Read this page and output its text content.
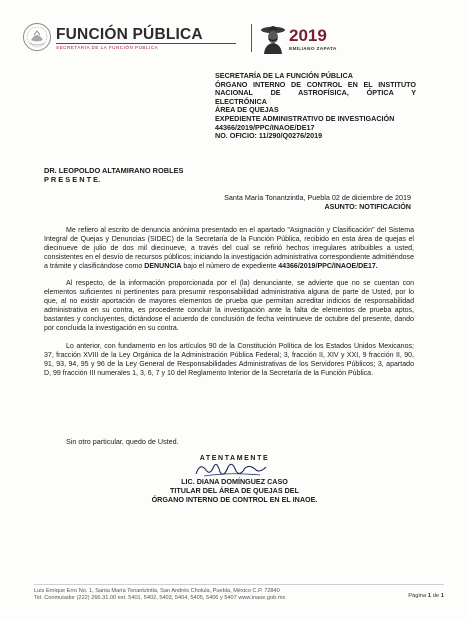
FUNCIÓN PÚBLICA
SECRETARÍA DE LA FUNCIÓN PÚBLICA
2019
EMILIANO ZAPATA
SECRETARÍA DE LA FUNCIÓN PÚBLICA
ÓRGANO INTERNO DE CONTROL EN EL INSTITUTO
NACIONAL DE ASTROFÍSICA, ÓPTICA Y
ELECTRÓNICA
ÁREA DE QUEJAS
EXPEDIENTE ADMINISTRATIVO DE INVESTIGACIÓN
44366/2019/PPC/INAOE/DE17
NO. OFICIO: 11/290/Q0276/2019
DR. LEOPOLDO ALTAMIRANO ROBLES
P R E S E N T E.
Santa María Tonantzintla, Puebla 02 de diciembre de 2019
ASUNTO: NOTIFICACIÓN

Me refiero al escrito de denuncia anónima presentado en el apartado "Asignación y Clasificación" del Sistema Integral de Quejas y Denuncias (SIDEC) de la Secretaría de la Función Pública, recibido en esta área de quejas el diecinueve de julio de dos mil diecinueve, a través del cual se refirió hechos irregulares atribuibles a usted, consistentes en el desvío de recursos públicos; iniciando la investigación administrativa correspondiente admitiéndose a trámite y clasificándose como DENUNCIA bajo el número de expediente 44366/2019/PPC/INAOE/DE17.

Al respecto, de la información proporcionada por el (la) denunciante, se advierte que no se cuentan con elementos suficientes ni pertinentes para presumir responsabilidad administrativa alguna de parte de Usted, por lo que, al no existir aportación de mayores elementos de prueba que permitan acreditar indicios de responsabilidad administrativa en su contra, es procedente concluir la investigación ante la falta de elementos de prueba aptos, bastantes y concluyentes, dictándose el acuerdo de conclusión de fecha veintinueve de octubre del presente, dando por concluida la investigación en su contra.

Lo anterior, con fundamento en los artículos 90 de la Constitución Política de los Estados Unidos Mexicanos; 37, fracción XVIII de la Ley Orgánica de la Administración Pública Federal; 3, fracción II, XIV y XXI, 9 fracción II, 90, 91, 93, 94, 95 y 96 de la Ley General de Responsabilidades Administrativas de los Servidores Públicos; 3, apartado D, 99 fracción III numerales 1, 3, 6, 7 y 10 del Reglamento Interior de la Secretaría de la Función Pública.

Sin otro particular, quedo de Usted.
ATENTAMENTE
LIC. DIANA DOMÍNGUEZ CASO
TITULAR DEL ÁREA DE QUEJAS DEL
ÓRGANO INTERNO DE CONTROL EN EL INAOE.
Luis Enrique Erro No. 1, Santa María Tonantzintla, San Andrés Cholula, Puebla, México C.P. 72840
Tel. Conmutador (222) 266.31.00 ext. 5401, 5402, 5403, 5404, 5405, 5406 y 5407 www.inaoe.gob.mx	Página 1 de 1
